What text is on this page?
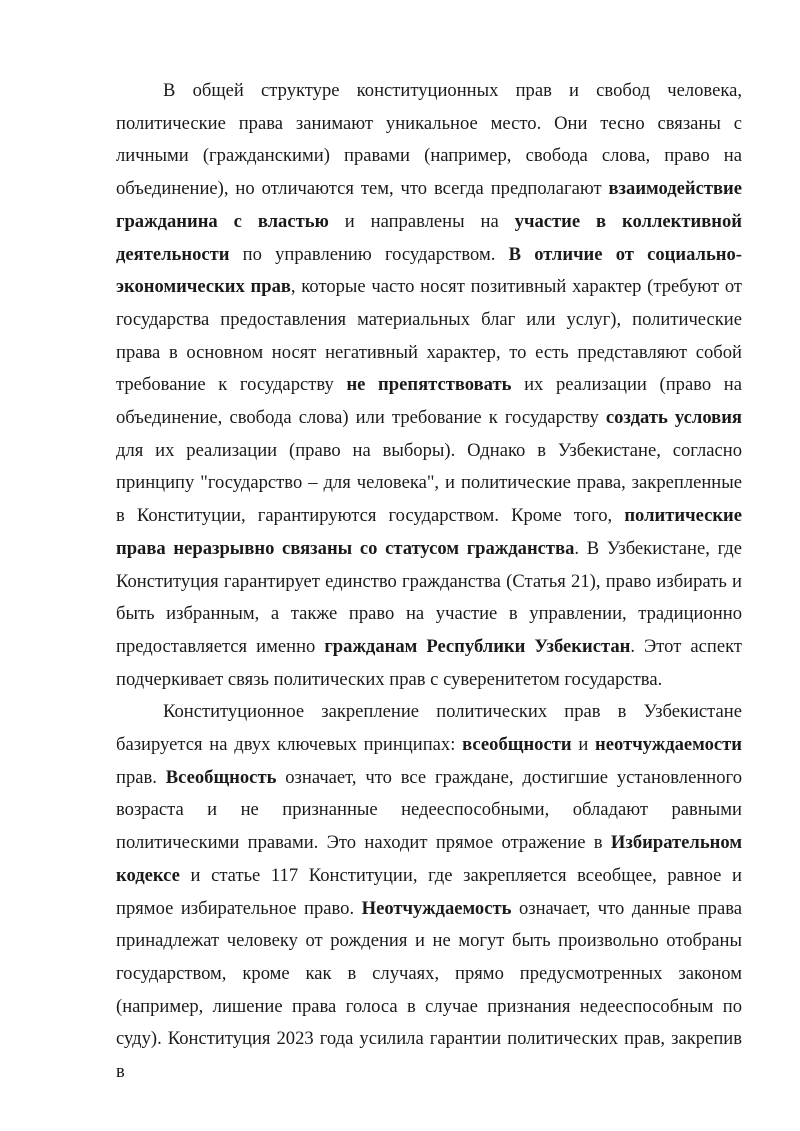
В общей структуре конституционных прав и свобод человека, политические права занимают уникальное место. Они тесно связаны с личными (гражданскими) правами (например, свобода слова, право на объединение), но отличаются тем, что всегда предполагают взаимодействие гражданина с властью и направлены на участие в коллективной деятельности по управлению государством. В отличие от социально-экономических прав, которые часто носят позитивный характер (требуют от государства предоставления материальных благ или услуг), политические права в основном носят негативный характер, то есть представляют собой требование к государству не препятствовать их реализации (право на объединение, свобода слова) или требование к государству создать условия для их реализации (право на выборы). Однако в Узбекистане, согласно принципу "государство – для человека", и политические права, закрепленные в Конституции, гарантируются государством. Кроме того, политические права неразрывно связаны со статусом гражданства. В Узбекистане, где Конституция гарантирует единство гражданства (Статья 21), право избирать и быть избранным, а также право на участие в управлении, традиционно предоставляется именно гражданам Республики Узбекистан. Этот аспект подчеркивает связь политических прав с суверенитетом государства.

Конституционное закрепление политических прав в Узбекистане базируется на двух ключевых принципах: всеобщности и неотчуждаемости прав. Всеобщность означает, что все граждане, достигшие установленного возраста и не признанные недееспособными, обладают равными политическими правами. Это находит прямое отражение в Избирательном кодексе и статье 117 Конституции, где закрепляется всеобщее, равное и прямое избирательное право. Неотчуждаемость означает, что данные права принадлежат человеку от рождения и не могут быть произвольно отобраны государством, кроме как в случаях, прямо предусмотренных законом (например, лишение права голоса в случае признания недееспособным по суду). Конституция 2023 года усилила гарантии политических прав, закрепив в
